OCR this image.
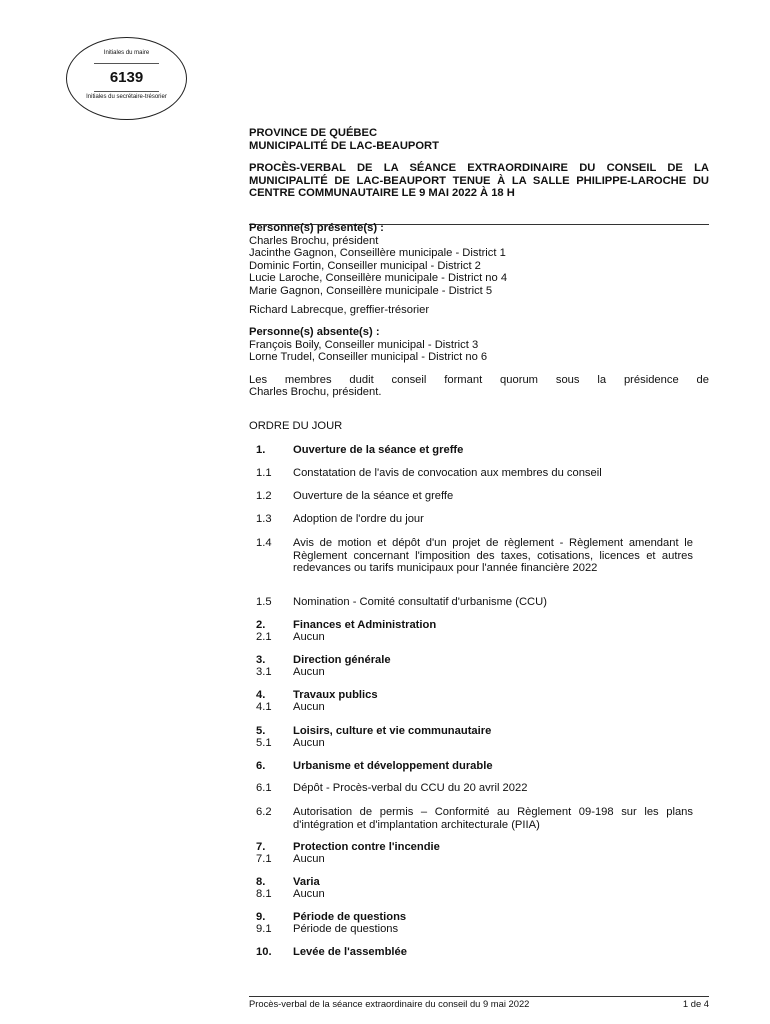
Initiales du maire
6139
Initiales du secrétaire-trésorier
PROVINCE DE QUÉBEC
MUNICIPALITÉ DE LAC-BEAUPORT
PROCÈS-VERBAL DE LA SÉANCE EXTRAORDINAIRE DU CONSEIL DE LA MUNICIPALITÉ DE LAC-BEAUPORT TENUE À LA SALLE PHILIPPE-LAROCHE DU CENTRE COMMUNAUTAIRE LE 9 MAI 2022 À 18 H
Personne(s) présente(s) :
Charles Brochu, président
Jacinthe Gagnon, Conseillère municipale - District 1
Dominic Fortin, Conseiller municipal - District 2
Lucie Laroche, Conseillère municipale - District no 4
Marie Gagnon, Conseillère municipale - District 5
Richard Labrecque, greffier-trésorier
Personne(s) absente(s) :
François Boily, Conseiller municipal - District 3
Lorne Trudel, Conseiller municipal - District no 6
Les membres dudit conseil formant quorum sous la présidence de
Charles Brochu, président.
ORDRE DU JOUR
1.	Ouverture de la séance et greffe
1.1	Constatation de l'avis de convocation aux membres du conseil
1.2	Ouverture de la séance et greffe
1.3	Adoption de l'ordre du jour
1.4	Avis de motion et dépôt d'un projet de règlement - Règlement amendant le Règlement concernant l'imposition des taxes, cotisations, licences et autres redevances ou tarifs municipaux pour l'année financière 2022
1.5	Nomination - Comité consultatif d'urbanisme (CCU)
2.	Finances et Administration
2.1	Aucun
3.	Direction générale
3.1	Aucun
4.	Travaux publics
4.1	Aucun
5.	Loisirs, culture et vie communautaire
5.1	Aucun
6.	Urbanisme et développement durable
6.1	Dépôt - Procès-verbal du CCU du 20 avril 2022
6.2	Autorisation de permis – Conformité au Règlement 09-198 sur les plans d'intégration et d'implantation architecturale (PIIA)
7.	Protection contre l'incendie
7.1	Aucun
8.	Varia
8.1	Aucun
9.	Période de questions
9.1	Période de questions
10.	Levée de l'assemblée
Procès-verbal de la séance extraordinaire du conseil du 9 mai 2022	1 de 4
